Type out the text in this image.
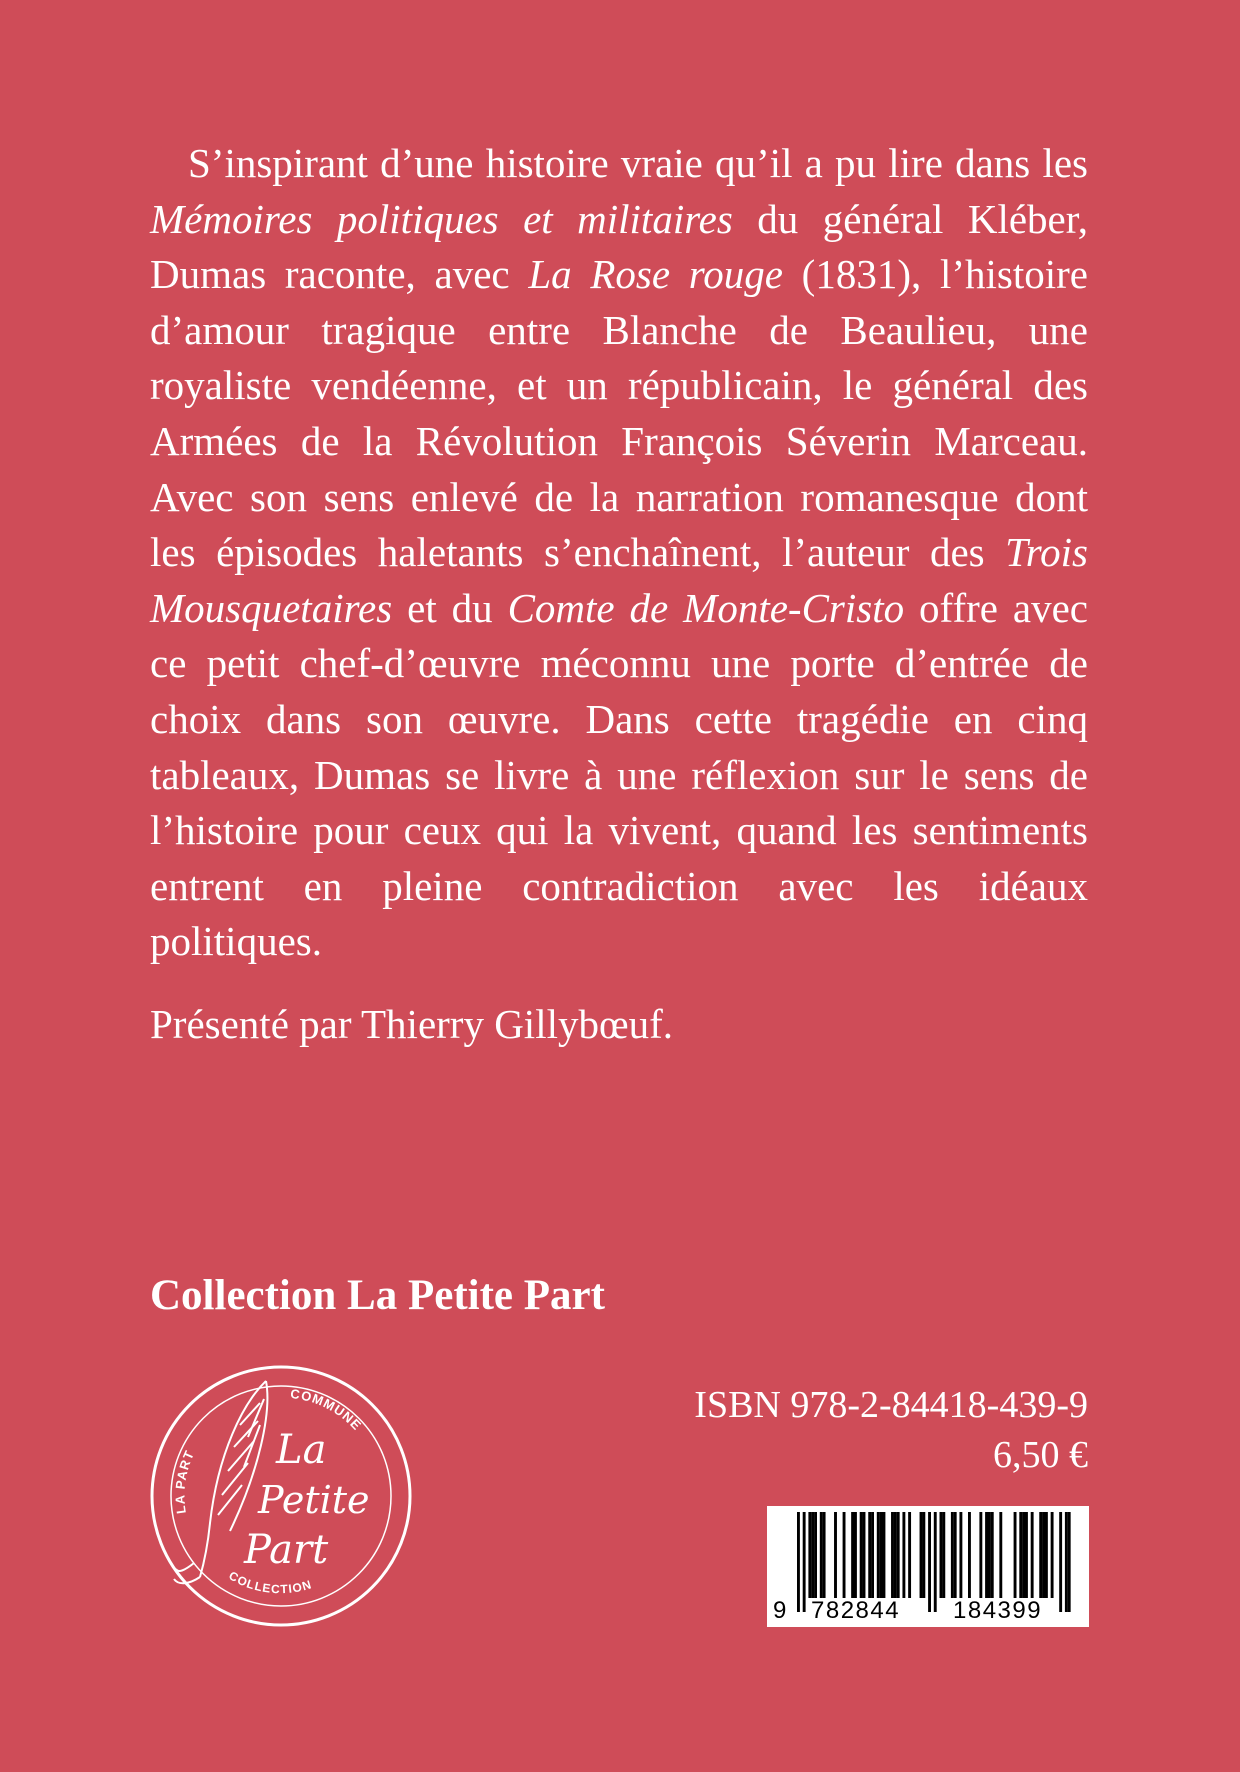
S’inspirant d’une histoire vraie qu’il a pu lire dans les Mémoires politiques et militaires du général Kléber, Dumas raconte, avec La Rose rouge (1831), l’histoire d’amour tragique entre Blanche de Beaulieu, une royaliste vendéenne, et un républicain, le général des Armées de la Révolution François Séverin Marceau. Avec son sens enlevé de la narration romanesque dont les épisodes haletants s’enchaînent, l’auteur des Trois Mousquetaires et du Comte de Monte-Cristo offre avec ce petit chef-d’œuvre méconnu une porte d’entrée de choix dans son œuvre. Dans cette tragédie en cinq tableaux, Dumas se livre à une réflexion sur le sens de l’histoire pour ceux qui la vivent, quand les sentiments entrent en pleine contradiction avec les idéaux politiques.

Présenté par Thierry Gillybœuf.

Collection La Petite Part

LA PART
COMMUNE
COLLECTION
La
Petite
Part
ISBN 978-2-84418-439-9
6,50 €
9 782844 184399
